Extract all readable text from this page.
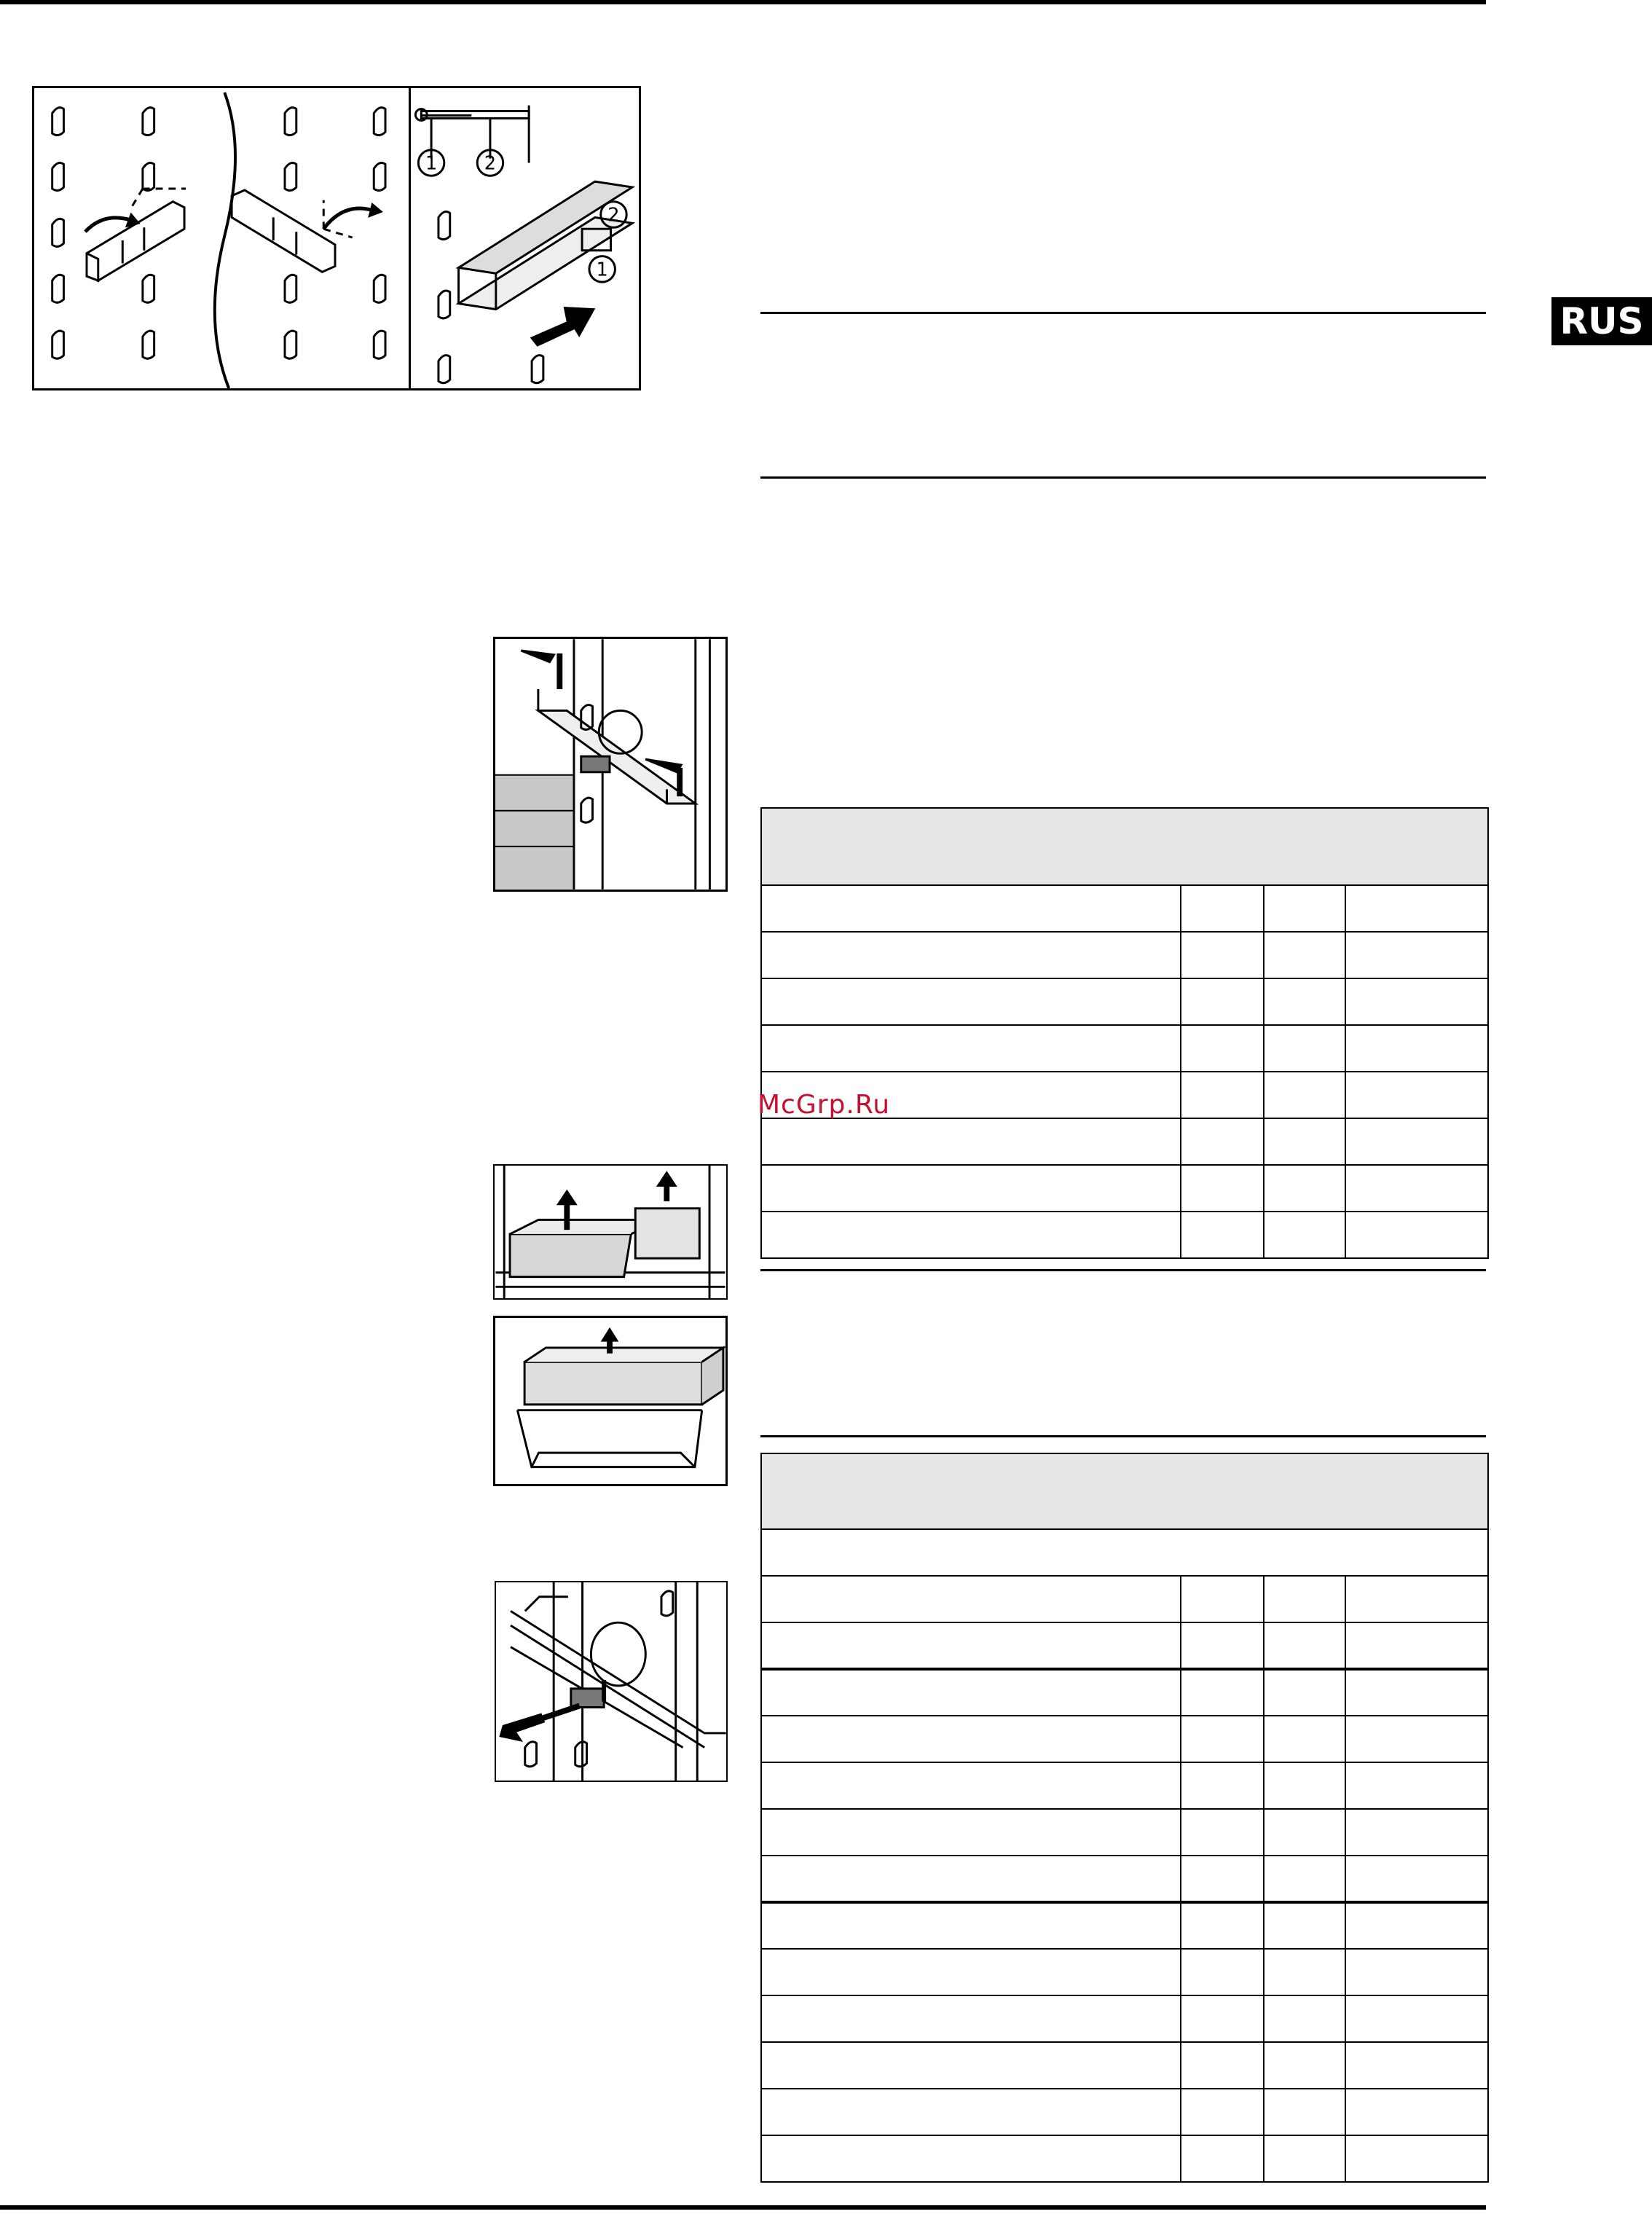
RUS
1 2
2
1

McGrp.Ru
